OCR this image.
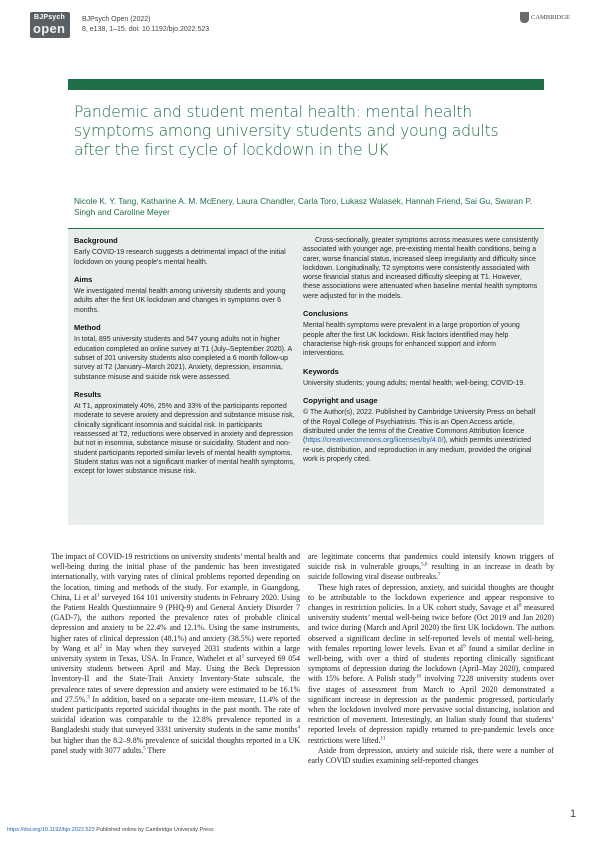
BJPsych
open
BJPsych Open (2022)
8, e138, 1–15. doi: 10.1192/bjo.2022.523
CAMBRIDGE
Pandemic and student mental health: mental health symptoms among university students and young adults after the first cycle of lockdown in the UK
Nicole K. Y. Tang, Katharine A. M. McEnery, Laura Chandler, Carla Toro, Lukasz Walasek, Hannah Friend, Sai Gu, Swaran P. Singh and Caroline Meyer
Background
Early COVID-19 research suggests a detrimental impact of the initial lockdown on young people’s mental health.
Aims
We investigated mental health among university students and young adults after the first UK lockdown and changes in symptoms over 6 months.
Method
In total, 895 university students and 547 young adults not in higher education completed an online survey at T1 (July–September 2020). A subset of 201 university students also completed a 6 month follow-up survey at T2 (January–March 2021). Anxiety, depression, insomnia, substance misuse and suicide risk were assessed.
Results
At T1, approximately 40%, 25% and 33% of the participants reported moderate to severe anxiety and depression and substance misuse risk, clinically significant insomnia and suicidal risk. In participants reassessed at T2, reductions were observed in anxiety and depression but not in insomnia, substance misuse or suicidality. Student and non-student participants reported similar levels of mental health symptoms. Student status was not a significant marker of mental health symptoms, except for lower substance misuse risk.
Cross-sectionally, greater symptoms across measures were consistently associated with younger age, pre-existing mental health conditions, being a carer, worse financial status, increased sleep irregularity and difficulty since lockdown. Longitudinally, T2 symptoms were consistently associated with worse financial status and increased difficulty sleeping at T1. However, these associations were attenuated when baseline mental health symptoms were adjusted for in the models.
Conclusions
Mental health symptoms were prevalent in a large proportion of young people after the first UK lockdown. Risk factors identified may help characterise high-risk groups for enhanced support and inform interventions.
Keywords
University students; young adults; mental health; well-being; COVID-19.
Copyright and usage
© The Author(s), 2022. Published by Cambridge University Press on behalf of the Royal College of Psychiatrists. This is an Open Access article, distributed under the terms of the Creative Commons Attribution licence (https://creativecommons.org/licenses/by/4.0/), which permits unrestricted re-use, distribution, and reproduction in any medium, provided the original work is properly cited.

The impact of COVID-19 restrictions on university students’ mental health and well-being during the initial phase of the pandemic has been investigated internationally, with varying rates of clinical problems reported depending on the location, timing and methods of the study. For example, in Guangdong, China, Li et $al^1$ surveyed 164 101 university students in February 2020. Using the Patient Health Questionnaire 9 (PHQ-9) and General Anxiety Disorder 7 (GAD-7), the authors reported the prevalence rates of probable clinical depression and anxiety to be 22.4% and 12.1%. Using the same instruments, higher rates of clinical depression (48.1%) and anxiety (38.5%) were reported by Wang et $al^2$ in May when they surveyed 2031 students within a large university system in Texas, USA. In France, Wathelet et $al^3$ surveyed 69 054 university students between April and May. Using the Beck Depression Inventory-II and the State-Trait Anxiety Inventory-State subscale, the prevalence rates of severe depression and anxiety were estimated to be 16.1% and 27.5%.$^3$ In addition, based on a separate one-item measure, 11.4% of the student participants reported suicidal thoughts in the past month. The rate of suicidal ideation was comparable to the 12.8% prevalence reported in a Bangladeshi study that surveyed 3331 university students in the same months$^4$ but higher than the 8.2–9.8% prevalence of suicidal thoughts reported in a UK panel study with 3077 adults.$^5$ There

are legitimate concerns that pandemics could intensify known triggers of suicide risk in vulnerable groups,$^{5,6}$ resulting in an increase in death by suicide following viral disease outbreaks.$^7$

These high rates of depression, anxiety, and suicidal thoughts are thought to be attributable to the lockdown experience and appear responsive to changes in restriction policies. In a UK cohort study, Savage et $al^8$ measured university students’ mental well-being twice before (Oct 2019 and Jan 2020) and twice during (March and April 2020) the first UK lockdown. The authors observed a significant decline in self-reported levels of mental well-being, with females reporting lower levels. Evan et $al^9$ found a similar decline in well-being, with over a third of students reporting clinically significant symptoms of depression during the lockdown (April–May 2020), compared with 15% before. A Polish study$^{10}$ involving 7228 university students over five stages of assessment from March to April 2020 demonstrated a significant increase in depression as the pandemic progressed, particularly when the lockdown involved more pervasive social distancing, isolation and restriction of movement. Interestingly, an Italian study found that students’ reported levels of depression rapidly returned to pre-pandemic levels once restrictions were lifted.$^{11}$

Aside from depression, anxiety and suicide risk, there were a number of early COVID studies examining self-reported changes

1
https://doi.org/10.1192/bjo.2022.523 Published online by Cambridge University Press
